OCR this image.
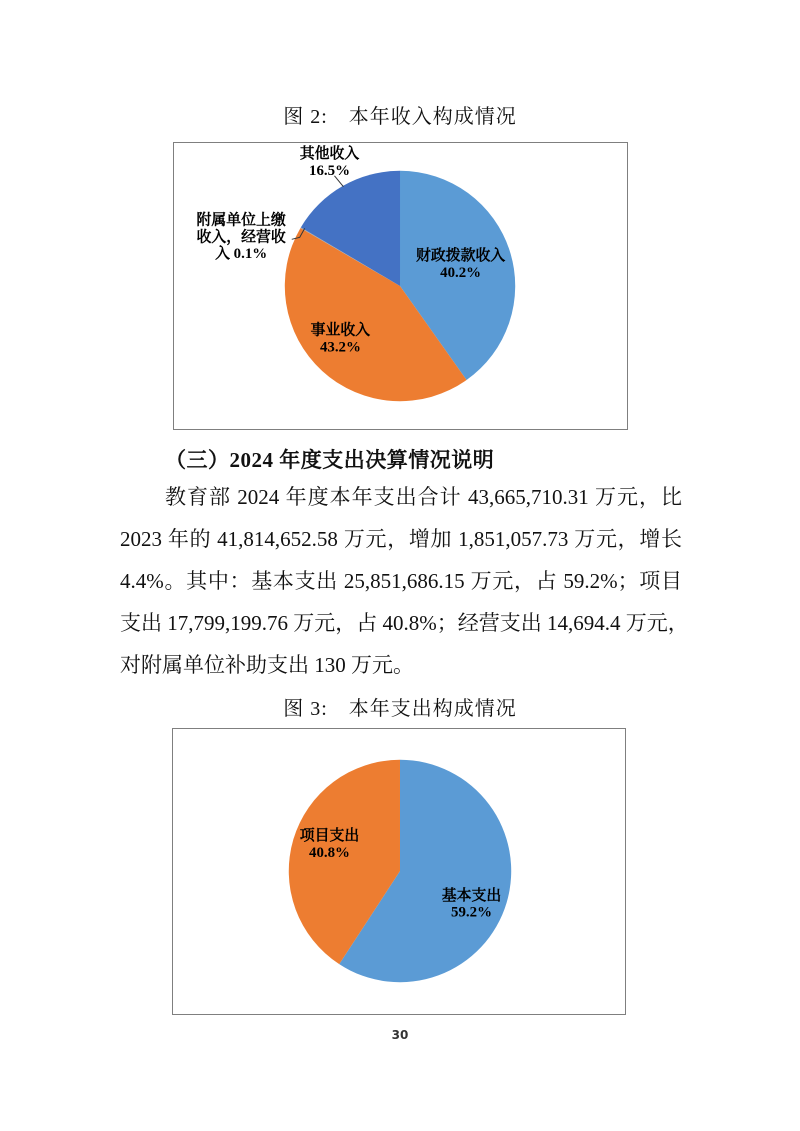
图 2:　本年收入构成情况
财政拨款收入
40.2%
事业收入
43.2%
附属单位上缴
收入，经营收
入 0.1%
其他收入
16.5%
（三）2024 年度支出决算情况说明
教育部 2024 年度本年支出合计 43,665,710.31 万元，比
2023 年的 41,814,652.58 万元，增加 1,851,057.73 万元，增长
4.4%。其中：基本支出 25,851,686.15 万元，占 59.2%；项目
支出 17,799,199.76 万元，占 40.8%；经营支出 14,694.4 万元，
对附属单位补助支出 130 万元。
图 3:　本年支出构成情况
基本支出
59.2%
项目支出
40.8%
30
